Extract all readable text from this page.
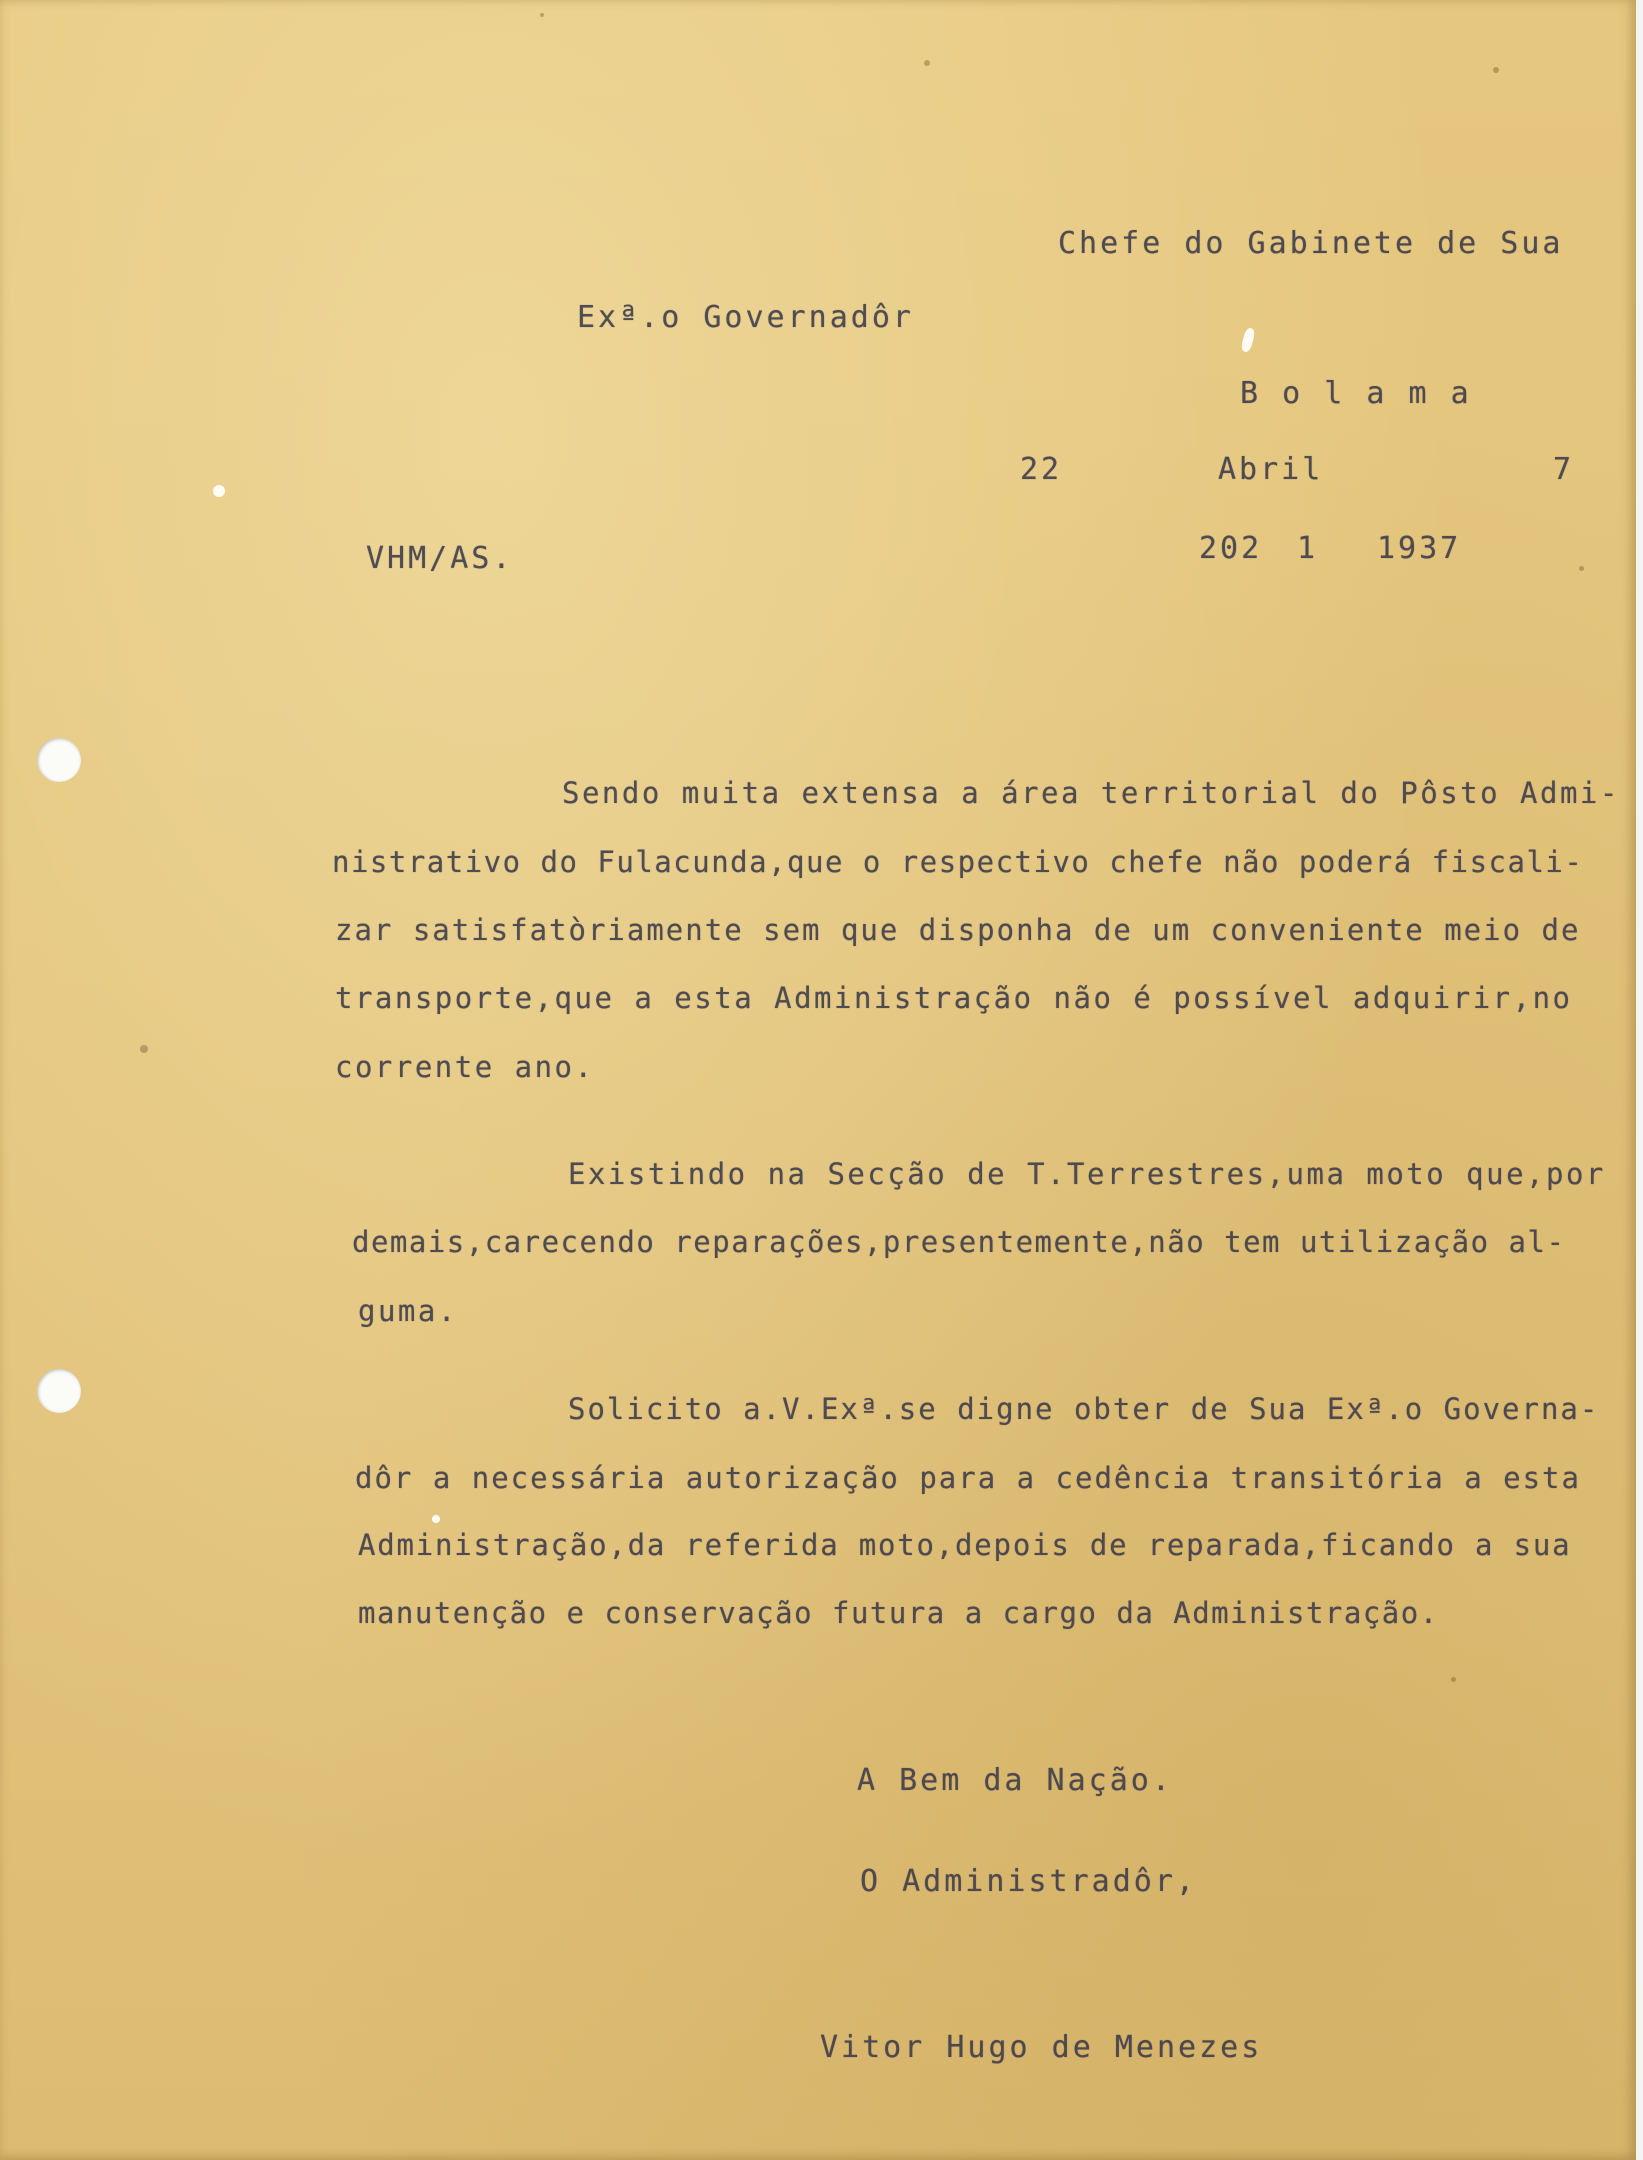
Chefe do Gabinete de Sua
Exª.o Governadôr
B o l a m a
22	Abril	7
VHM/AS.	202 1 1937
Sendo muita extensa a área territorial do Pôsto Admi-
nistrativo do Fulacunda,que o respectivo chefe não poderá fiscali-
zar satisfatòriamente sem que disponha de um conveniente meio de
transporte,que a esta Administração não é possível adquirir,no
corrente ano.
Existindo na Secção de T.Terrestres,uma moto que,por
demais,carecendo reparações,presentemente,não tem utilização al-
guma.
Solicito a.V.Exª.se digne obter de Sua Exª.o Governa-
dôr a necessária autorização para a cedência transitória a esta
Administração,da referida moto,depois de reparada,ficando a sua
manutenção e conservação futura a cargo da Administração.
A Bem da Nação.
O Administradôr,
Vitor Hugo de Menezes
